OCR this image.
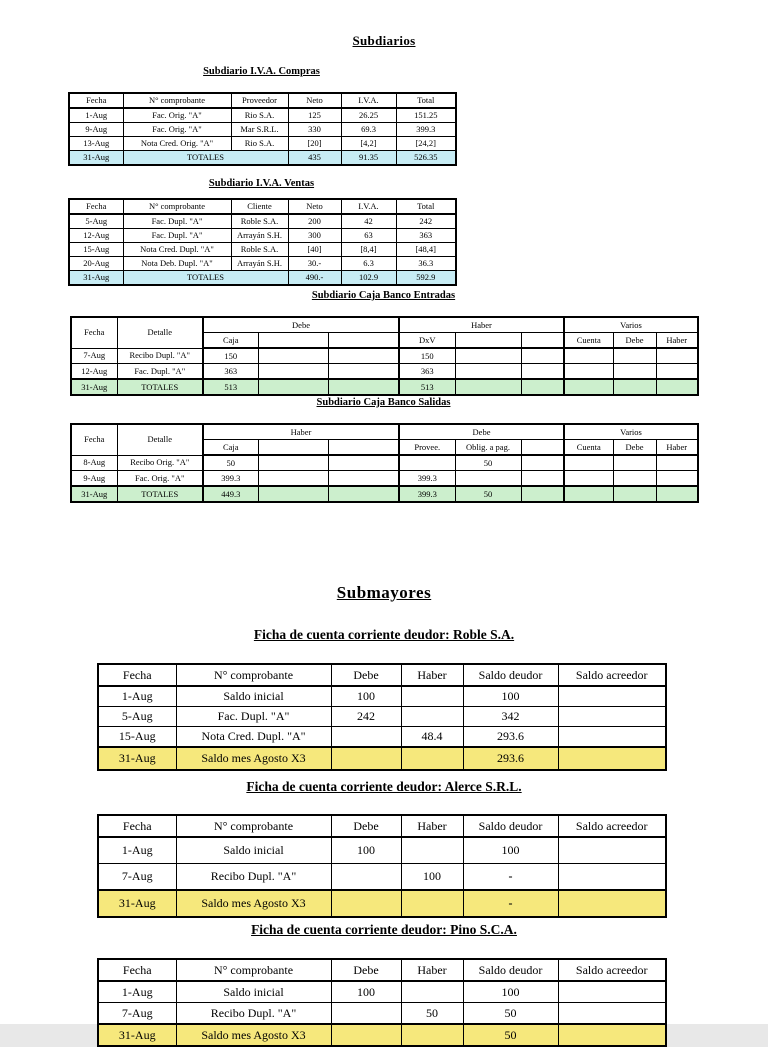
Subdiarios
Submayores
Subdiario I.V.A. Compras
Fecha	N° comprobante	Proveedor	Neto	I.V.A.	Total
1-Aug	Fac. Orig. "A"	Rio S.A.	125	26.25	151.25
9-Aug	Fac. Orig. "A"	Mar S.R.L.	330	69.3	399.3
13-Aug	Nota Cred. Orig. "A"	Rio S.A.	[20]	[4,2]	[24,2]
31-Aug	TOTALES		435	91.35	526.35
Subdiario I.V.A. Ventas
Fecha	N° comprobante	Cliente	Neto	I.V.A.	Total
5-Aug	Fac. Dupl. "A"	Roble S.A.	200	42	242
12-Aug	Fac. Dupl. "A"	Arrayán S.H.	300	63	363
15-Aug	Nota Cred. Dupl. "A"	Roble S.A.	[40]	[8,4]	[48,4]
20-Aug	Nota Deb. Dupl. "A"	Arrayán S.H.	30.-	6.3	36.3
31-Aug	TOTALES		490.-	102.9	592.9
Subdiario Caja Banco Entradas
Fecha	Detalle	Debe			Haber			Varios		
		Caja			DxV			Cuenta	Debe	Haber
7-Aug	Recibo Dupl. "A"	150			150					
12-Aug	Fac. Dupl. "A"	363			363					
31-Aug	TOTALES	513			513					
Subdiario Caja Banco Salidas
Fecha	Detalle	Haber			Debe			Varios		
		Caja			Provee.	Oblig. a pag.		Cuenta	Debe	Haber
8-Aug	Recibo Orig. "A"	50				50				
9-Aug	Fac. Orig. "A"	399.3			399.3					
31-Aug	TOTALES	449.3			399.3	50				
Ficha de cuenta corriente deudor: Roble S.A.
Fecha	N° comprobante	Debe	Haber	Saldo deudor	Saldo acreedor
1-Aug	Saldo inicial	100		100	
5-Aug	Fac. Dupl. "A"	242		342	
15-Aug	Nota Cred. Dupl. "A"		48.4	293.6	
31-Aug	Saldo mes Agosto X3			293.6	
Ficha de cuenta corriente deudor: Alerce S.R.L.
Fecha	N° comprobante	Debe	Haber	Saldo deudor	Saldo acreedor
1-Aug	Saldo inicial	100		100	
7-Aug	Recibo Dupl. "A"		100	-	
31-Aug	Saldo mes Agosto X3			-	
Ficha de cuenta corriente deudor: Pino S.C.A.
Fecha	N° comprobante	Debe	Haber	Saldo deudor	Saldo acreedor
1-Aug	Saldo inicial	100		100	
7-Aug	Recibo Dupl. "A"		50	50	
31-Aug	Saldo mes Agosto X3			50	
